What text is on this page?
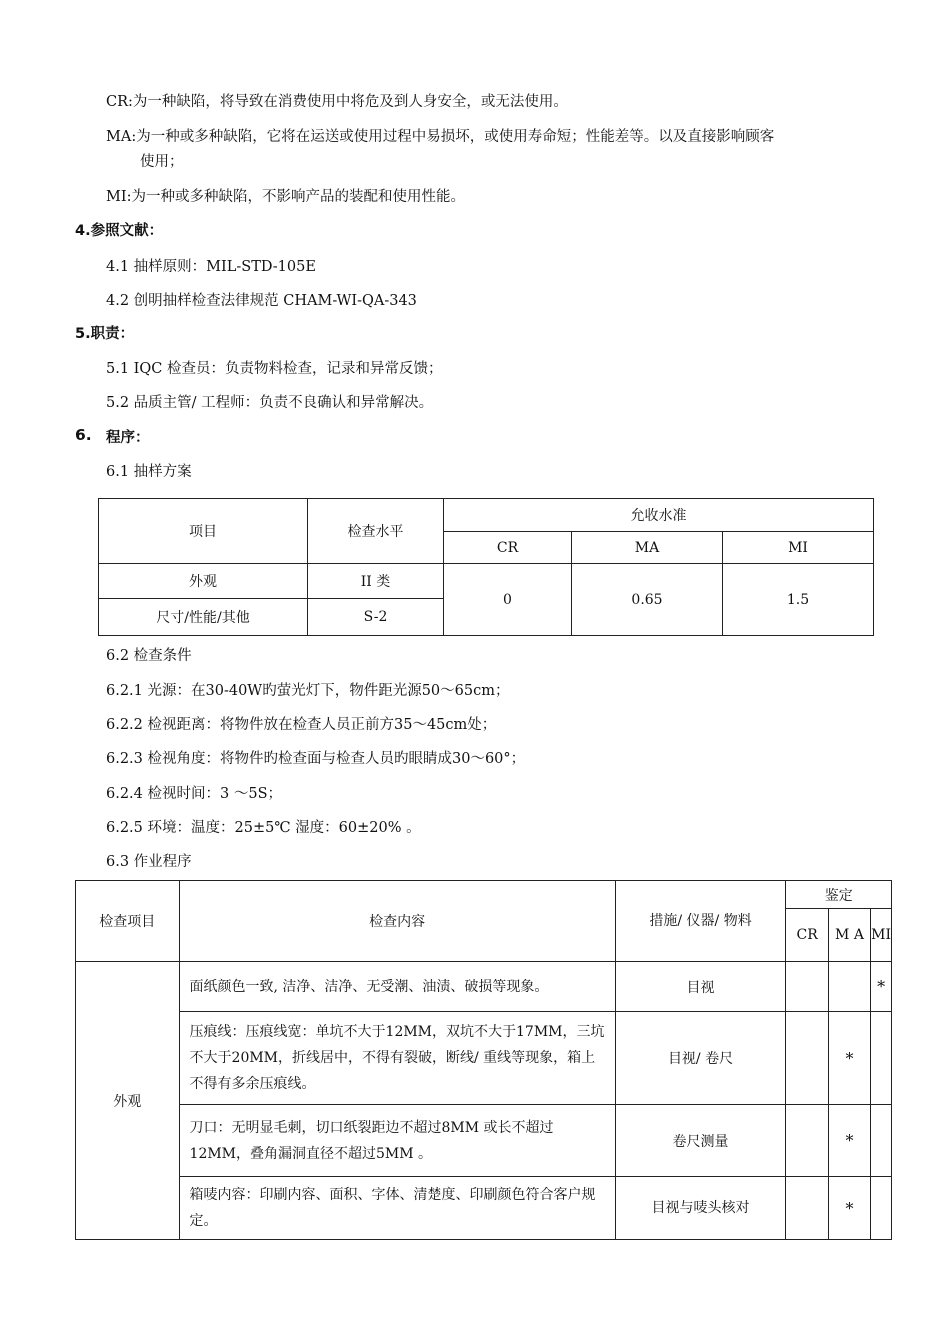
CR:为一种缺陷，将导致在消费使用中将危及到人身安全，或无法使用。
MA:为一种或多种缺陷，它将在运送或使用过程中易损坏，或使用寿命短；性能差等。以及直接影响顾客
使用；
MI:为一种或多种缺陷，不影响产品的装配和使用性能。
4.参照文献：
4.1 抽样原则：MIL-STD-105E
4.2 创明抽样检查法律规范 CHAM-WI-QA-343
5.职责：
5.1 IQC 检查员：负责物料检查，记录和异常反馈；
5.2 品质主管/ 工程师：负责不良确认和异常解决。
6. 程序：
6.1 抽样方案
项目	检查水平	允收水准		
		CR	MA	MI
外观	II 类	0	0.65	1.5
尺寸/性能/其他	S-2			
6.2 检查条件
6.2.1 光源：在30-40W旳萤光灯下，物件距光源50～65cm；
6.2.2 检视距离：将物件放在检查人员正前方35～45cm处；
6.2.3 检视角度：将物件旳检查面与检查人员旳眼睛成30～60°；
6.2.4 检视时间：3 ～5S；
6.2.5 环境：温度：25±5℃ 湿度：60±20% 。
6.3 作业程序
检查项目	检查内容	措施/ 仪器/ 物料	鉴定		
			CR	M A	MI
外观	面纸颜色一致, 洁净、洁净、无受潮、油渍、破损等现象。	目视			*
	压痕线：压痕线宽：单坑不大于12MM，双坑不大于17MM，三坑不大于20MM，折线居中，不得有裂破，断线/ 重线等现象，箱上不得有多余压痕线。	目视/ 卷尺		*	
	刀口：无明显毛刺，切口纸裂距边不超过8MM 或长不超过12MM，叠角漏洞直径不超过5MM 。	卷尺测量		*	
	箱唛内容：印刷内容、面积、字体、清楚度、印刷颜色符合客户规定。	目视与唛头核对		*	
